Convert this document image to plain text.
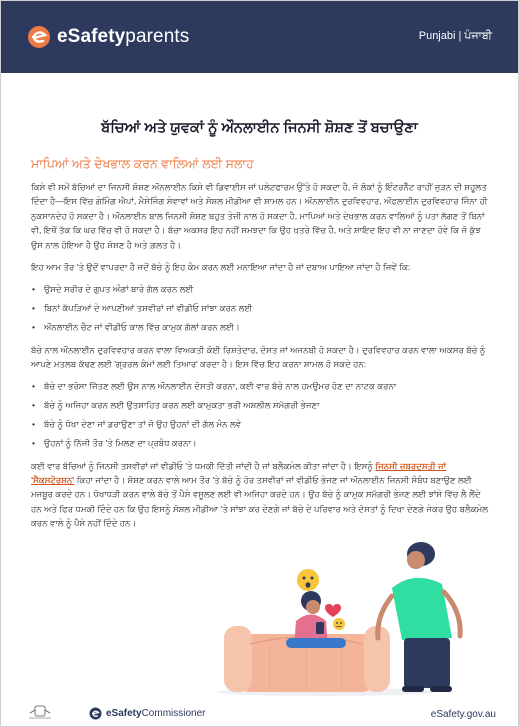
eSafetyparents	Punjabi | ਪੰਜਾਬੀ
ਬੱਚਿਆਂ ਅਤੇ ਯੁਵਕਾਂ ਨੂੰ ਔਨਲਾਈਨ ਜਿਨਸੀ ਸ਼ੋਸ਼ਣ ਤੋਂ ਬਚਾਉਣਾ
ਮਾਪਿਆਂ ਅਤੇ ਦੇਖਭਾਲ ਕਰਨ ਵਾਲਿਆਂ ਲਈ ਸਲਾਹ

ਕਿਸੇ ਵੀ ਸਮੇਂ ਬੱਚਿਆਂ ਦਾ ਜਿਨਸੀ ਸ਼ੋਸ਼ਣ ਔਨਲਾਈਨ ਕਿਸੇ ਵੀ ਡਿਵਾਈਸ ਜਾਂ ਪਲੇਟਫਾਰਮ ਉੱਤੇ ਹੋ ਸਕਦਾ ਹੈ, ਜੋ ਲੋਕਾਂ ਨੂੰ ਇੰਟਰਨੈੱਟ ਰਾਹੀਂ ਜੁੜਨ ਦੀ ਸਹੂਲਤ ਦਿੰਦਾ ਹੈ—ਇਸ ਵਿੱਚ ਗੇਮਿੰਗ ਐਪਾਂ, ਮੈਸੇਜਿੰਗ ਸੇਵਾਵਾਂ ਅਤੇ ਸੋਸ਼ਲ ਮੀਡੀਆ ਵੀ ਸ਼ਾਮਲ ਹਨ। ਔਨਲਾਈਨ ਦੁਰਵਿਵਹਾਰ, ਔਫ਼ਲਾਈਨ ਦੁਰਵਿਵਹਾਰ ਜਿੰਨਾ ਹੀ ਨੁਕਸਾਨਦੇਹ ਹੋ ਸਕਦਾ ਹੈ। ਔਨਲਾਈਨ ਬਾਲ ਜਿਨਸੀ ਸ਼ੋਸ਼ਣ ਬਹੁਤ ਤੇਜ਼ੀ ਨਾਲ ਹੋ ਸਕਦਾ ਹੈ, ਮਾਪਿਆਂ ਅਤੇ ਦੇਖਭਾਲ ਕਰਨ ਵਾਲਿਆਂ ਨੂੰ ਪਤਾ ਲੱਗਣ ਤੋਂ ਬਿਨਾਂ ਵੀ, ਇਥੋਂ ਤੱਕ ਕਿ ਘਰ ਵਿੱਚ ਵੀ ਹੋ ਸਕਦਾ ਹੈ। ਬੱਚਾ ਅਕਸਰ ਇਹ ਨਹੀਂ ਸਮਝਦਾ ਕਿ ਉਹ ਖ਼ਤਰੇ ਵਿੱਚ ਹੈ, ਅਤੇ ਸ਼ਾਇਦ ਇਹ ਵੀ ਨਾ ਜਾਣਦਾ ਹੋਵੇ ਕਿ ਜੋ ਕੁੱਝ ਉਸ ਨਾਲ ਹੋਇਆ ਹੈ ਉਹ ਸ਼ੋਸ਼ਣ ਹੈ ਅਤੇ ਗ਼ਲਤ ਹੈ।

ਇਹ ਆਮ ਤੌਰ 'ਤੇ ਉਦੋਂ ਵਾਪਰਦਾ ਹੈ ਜਦੋਂ ਬੱਚੇ ਨੂੰ ਇਹ ਕੰਮ ਕਰਨ ਲਈ ਮਨਾਇਆ ਜਾਂਦਾ ਹੈ ਜਾਂ ਦਬਾਅ ਪਾਇਆ ਜਾਂਦਾ ਹੈ ਜਿਵੇਂ ਕਿ:

• ਉਸਦੇ ਸਰੀਰ ਦੇ ਗੁਪਤ ਅੰਗਾਂ ਬਾਰੇ ਗੱਲ ਕਰਨ ਲਈ
• ਬਿਨਾਂ ਕੱਪੜਿਆਂ ਦੇ ਆਪਣੀਆਂ ਤਸਵੀਰਾਂ ਜਾਂ ਵੀਡੀਓ ਸਾਂਝਾ ਕਰਨ ਲਈ
• ਔਨਲਾਈਨ ਚੈਟ ਜਾਂ ਵੀਡੀਓ ਕਾਲ ਵਿੱਚ ਕਾਮੁਕ ਗੱਲਾਂ ਕਰਨ ਲਈ।

ਬੱਚੇ ਨਾਲ ਔਨਲਾਈਨ ਦੁਰਵਿਵਹਾਰ ਕਰਨ ਵਾਲਾ ਵਿਅਕਤੀ ਕੋਈ ਰਿਸ਼ਤੇਦਾਰ, ਦੋਸਤ ਜਾਂ ਅਜਨਬੀ ਹੋ ਸਕਦਾ ਹੈ। ਦੁਰਵਿਵਹਾਰ ਕਰਨ ਵਾਲਾ ਅਕਸਰ ਬੱਚੇ ਨੂੰ ਆਪਣੇ ਮਤਲਬ ਕੱਢਣ ਲਈ 'ਗ੍ਰਰਲ ਕੰਮਾਂ ਲਈ ਤਿਆਰ' ਕਰਦਾ ਹੈ। ਇਸ ਵਿੱਚ ਇਹ ਕਰਨਾ ਸ਼ਾਮਲ ਹੋ ਸਕਦੇ ਹਨ:

• ਬੱਚੇ ਦਾ ਭਰੋਸਾ ਜਿੱਤਣ ਲਈ ਉਸ ਨਾਲ ਔਨਲਾਈਨ ਦੋਸਤੀ ਕਰਨਾ, ਕਈ ਵਾਰ ਬੱਚੇ ਨਾਲ ਹਮਉਮਰ ਹੋਣ ਦਾ ਨਾਟਕ ਕਰਨਾ
• ਬੱਚੇ ਨੂੰ ਅਜਿਹਾ ਕਰਨ ਲਈ ਉਤਸ਼ਾਹਿਤ ਕਰਨ ਲਈ ਕਾਮੁਕਤਾ ਭਰੀ ਅਸ਼ਲੀਲ ਸਮੱਗਰੀ ਭੇਜਣਾ
• ਬੱਚੇ ਨੂੰ ਧੋਖਾ ਦੇਣਾ ਜਾਂ ਡਰਾਉਣਾ ਤਾਂ ਜੋ ਉਹ ਉਹਨਾਂ ਦੀ ਗੱਲ ਮੰਨ ਲਵੇ
• ਉਹਨਾਂ ਨੂੰ ਨਿੱਜੀ ਤੌਰ 'ਤੇ ਮਿਲਣ ਦਾ ਪ੍ਰਬੰਧ ਕਰਨਾ।

ਕਈ ਵਾਰ ਬੱਚਿਆਂ ਨੂੰ ਜਿਨਸੀ ਤਸਵੀਰਾਂ ਜਾਂ ਵੀਡੀਓ 'ਤੇ ਧਮਕੀ ਦਿੱਤੀ ਜਾਂਦੀ ਹੈ ਜਾਂ ਬਲੈਕਮੇਲ ਕੀਤਾ ਜਾਂਦਾ ਹੈ। ਇਸਨੂੰ ਜਿਨਸੀ ਜ਼ਬਰਦਸਤੀ ਜਾਂ 'ਸੈਕਸਟੋਰਸ਼ਨ' ਕਿਹਾ ਜਾਂਦਾ ਹੈ। ਸ਼ੋਸ਼ਣ ਕਰਨ ਵਾਲੇ ਆਮ ਤੌਰ 'ਤੇ ਬੱਚੇ ਨੂੰ ਹੋਰ ਤਸਵੀਰਾਂ ਜਾਂ ਵੀਡੀਓ ਭੇਜਣ ਜਾਂ ਔਨਲਾਈਨ ਜਿਨਸੀ ਸੰਬੰਧ ਬਣਾਉਣ ਲਈ ਮਜਬੂਰ ਕਰਦੇ ਹਨ। ਧੋਖਾਧੜੀ ਕਰਨ ਵਾਲੇ ਬੱਚੇ ਤੋਂ ਪੈਸੇ ਵਸੂਲਣ ਲਈ ਵੀ ਅਜਿਹਾ ਕਰਦੇ ਹਨ। ਉਹ ਬੱਚੇ ਨੂੰ ਕਾਮੁਕ ਸਮੱਗਰੀ ਭੇਜਣ ਲਈ ਝਾਂਸੇ ਵਿੱਚ ਲੈ ਲੈਂਦੇ ਹਨ ਅਤੇ ਫਿਰ ਧਮਕੀ ਦਿੰਦੇ ਹਨ ਕਿ ਉਹ ਇਸਨੂੰ ਸੋਸ਼ਲ ਮੀਡੀਆ 'ਤੇ ਸਾਂਝਾ ਕਰ ਦੇਣਗੇ ਜਾਂ ਬੱਚੇ ਦੇ ਪਰਿਵਾਰ ਅਤੇ ਦੋਸਤਾਂ ਨੂੰ ਦਿਖਾ ਦੇਣਗੇ ਜੇਕਰ ਉਹ ਬਲੈਕਮੇਲ ਕਰਨ ਵਾਲੇ ਨੂੰ ਪੈਸੇ ਨਹੀਂ ਦਿੰਦੇ ਹਨ।

eSafetyCommissioner	eSafety.gov.au
